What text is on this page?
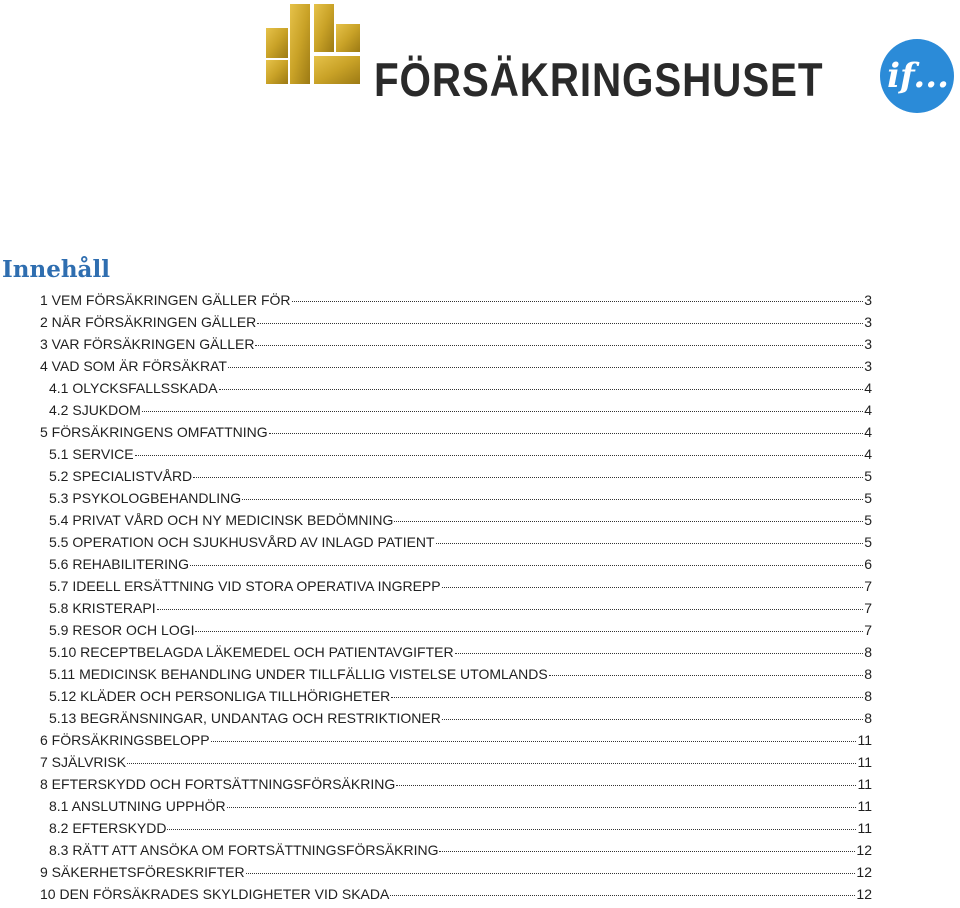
FÖRSÄKRINGSHUSET if...
Innehåll
1 VEM FÖRSÄKRINGEN GÄLLER FÖR	3
2 NÄR FÖRSÄKRINGEN GÄLLER	3
3 VAR FÖRSÄKRINGEN GÄLLER	3
4 VAD SOM ÄR FÖRSÄKRAT	3
4.1 OLYCKSFALLSSKADA	4
4.2 SJUKDOM	4
5 FÖRSÄKRINGENS OMFATTNING	4
5.1 SERVICE	4
5.2 SPECIALISTVÅRD	5
5.3 PSYKOLOGBEHANDLING	5
5.4 PRIVAT VÅRD OCH NY MEDICINSK BEDÖMNING	5
5.5 OPERATION OCH SJUKHUSVÅRD AV INLAGD PATIENT	5
5.6 REHABILITERING	6
5.7 IDEELL ERSÄTTNING VID STORA OPERATIVA INGREPP	7
5.8 KRISTERAPI	7
5.9 RESOR OCH LOGI	7
5.10 RECEPTBELAGDA LÄKEMEDEL OCH PATIENTAVGIFTER	8
5.11 MEDICINSK BEHANDLING UNDER TILLFÄLLIG VISTELSE UTOMLANDS	8
5.12 KLÄDER OCH PERSONLIGA TILLHÖRIGHETER	8
5.13 BEGRÄNSNINGAR, UNDANTAG OCH RESTRIKTIONER	8
6 FÖRSÄKRINGSBELOPP	11
7 SJÄLVRISK	11
8 EFTERSKYDD OCH FORTSÄTTNINGSFÖRSÄKRING	11
8.1 ANSLUTNING UPPHÖR	11
8.2 EFTERSKYDD	11
8.3 RÄTT ATT ANSÖKA OM FORTSÄTTNINGSFÖRSÄKRING	12
9 SÄKERHETSFÖRESKRIFTER	12
10 DEN FÖRSÄKRADES SKYLDIGHETER VID SKADA	12
